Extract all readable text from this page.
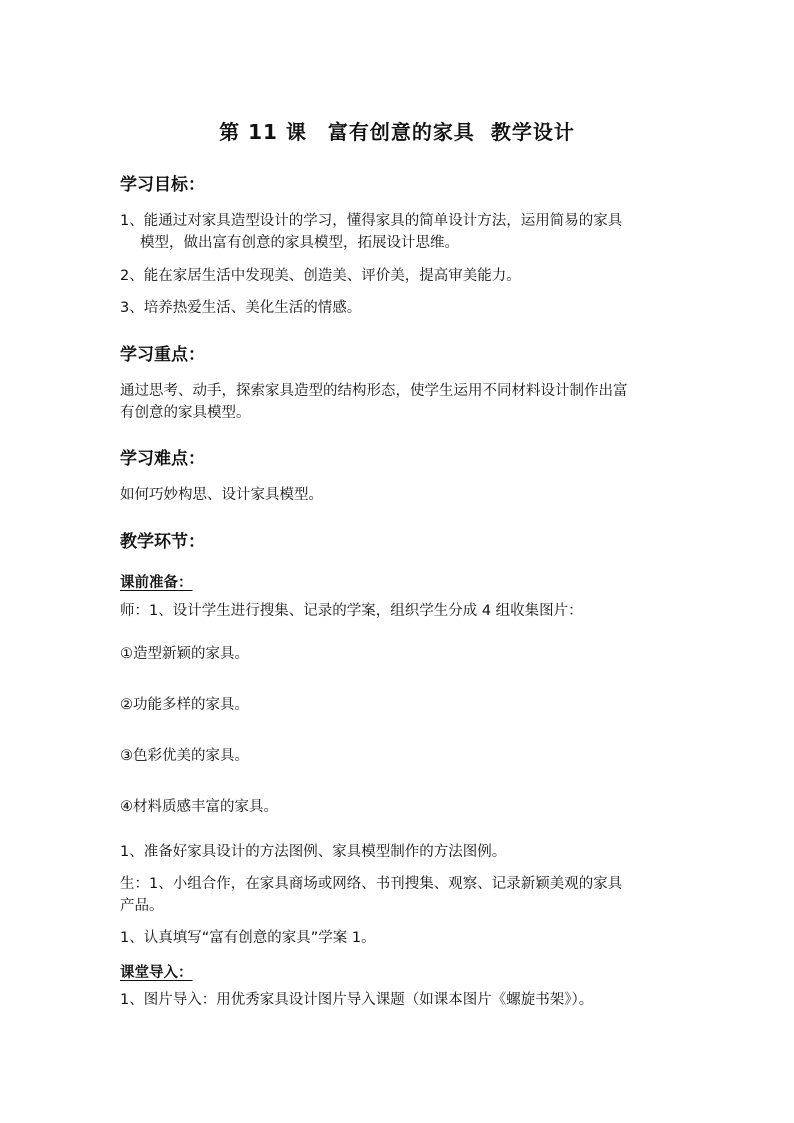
第 11 课　富有创意的家具  教学设计
学习目标：
1、能通过对家具造型设计的学习，懂得家具的简单设计方法，运用简易的家具
模型，做出富有创意的家具模型，拓展设计思维。
2、能在家居生活中发现美、创造美、评价美，提高审美能力。
3、培养热爱生活、美化生活的情感。
学习重点：
通过思考、动手，探索家具造型的结构形态，使学生运用不同材料设计制作出富
有创意的家具模型。
学习难点：
如何巧妙构思、设计家具模型。
教学环节：
课前准备：
师：1、设计学生进行搜集、记录的学案，组织学生分成 4 组收集图片：
①造型新颖的家具。
②功能多样的家具。
③色彩优美的家具。
④材料质感丰富的家具。
1、准备好家具设计的方法图例、家具模型制作的方法图例。
生：1、小组合作，在家具商场或网络、书刊搜集、观察、记录新颖美观的家具
产品。
1、认真填写“富有创意的家具”学案 1。
课堂导入：
1、图片导入：用优秀家具设计图片导入课题（如课本图片《螺旋书架》）。
